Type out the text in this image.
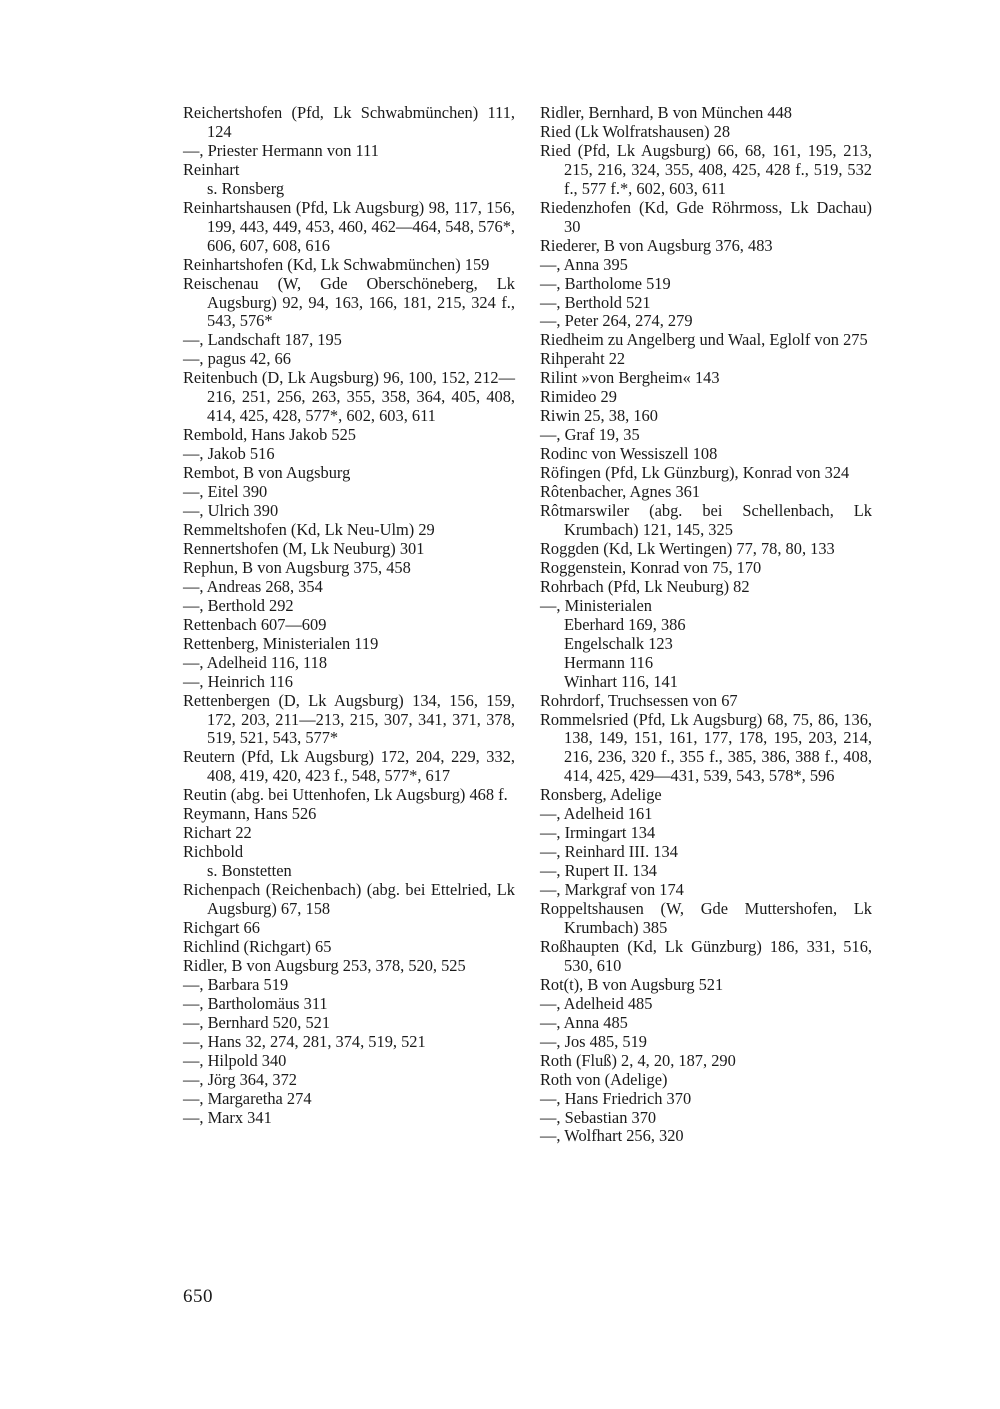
Reichertshofen (Pfd, Lk Schwabmünchen) 111, 124
—, Priester Hermann von 111
Reinhart
s. Ronsberg
Reinhartshausen (Pfd, Lk Augsburg) 98, 117, 156, 199, 443, 449, 453, 460, 462—464, 548, 576*, 606, 607, 608, 616
Reinhartshofen (Kd, Lk Schwabmünchen) 159
Reischenau (W, Gde Oberschöneberg, Lk Augsburg) 92, 94, 163, 166, 181, 215, 324 f., 543, 576*
—, Landschaft 187, 195
—, pagus 42, 66
Reitenbuch (D, Lk Augsburg) 96, 100, 152, 212—216, 251, 256, 263, 355, 358, 364, 405, 408, 414, 425, 428, 577*, 602, 603, 611
Rembold, Hans Jakob 525
—, Jakob 516
Rembot, B von Augsburg
—, Eitel 390
—, Ulrich 390
Remmeltshofen (Kd, Lk Neu-Ulm) 29
Rennertshofen (M, Lk Neuburg) 301
Rephun, B von Augsburg 375, 458
—, Andreas 268, 354
—, Berthold 292
Rettenbach 607—609
Rettenberg, Ministerialen 119
—, Adelheid 116, 118
—, Heinrich 116
Rettenbergen (D, Lk Augsburg) 134, 156, 159, 172, 203, 211—213, 215, 307, 341, 371, 378, 519, 521, 543, 577*
Reutern (Pfd, Lk Augsburg) 172, 204, 229, 332, 408, 419, 420, 423 f., 548, 577*, 617
Reutin (abg. bei Uttenhofen, Lk Augsburg) 468 f.
Reymann, Hans 526
Richart 22
Richbold
s. Bonstetten
Richenpach (Reichenbach) (abg. bei Ettelried, Lk Augsburg) 67, 158
Richgart 66
Richlind (Richgart) 65
Ridler, B von Augsburg 253, 378, 520, 525
—, Barbara 519
—, Bartholomäus 311
—, Bernhard 520, 521
—, Hans 32, 274, 281, 374, 519, 521
—, Hilpold 340
—, Jörg 364, 372
—, Margaretha 274
—, Marx 341
Ridler, Bernhard, B von München 448
Ried (Lk Wolfratshausen) 28
Ried (Pfd, Lk Augsburg) 66, 68, 161, 195, 213, 215, 216, 324, 355, 408, 425, 428 f., 519, 532 f., 577 f.*, 602, 603, 611
Riedenzhofen (Kd, Gde Röhrmoss, Lk Dachau) 30
Riederer, B von Augsburg 376, 483
—, Anna 395
—, Bartholome 519
—, Berthold 521
—, Peter 264, 274, 279
Riedheim zu Angelberg und Waal, Eglolf von 275
Rihperaht 22
Rilint »von Bergheim« 143
Rimideo 29
Riwin 25, 38, 160
—, Graf 19, 35
Rodinc von Wessiszell 108
Röfingen (Pfd, Lk Günzburg), Konrad von 324
Rôtenbacher, Agnes 361
Rôtmarswiler (abg. bei Schellenbach, Lk Krumbach) 121, 145, 325
Roggden (Kd, Lk Wertingen) 77, 78, 80, 133
Roggenstein, Konrad von 75, 170
Rohrbach (Pfd, Lk Neuburg) 82
—, Ministerialen
Eberhard 169, 386
Engelschalk 123
Hermann 116
Winhart 116, 141
Rohrdorf, Truchsessen von 67
Rommelsried (Pfd, Lk Augsburg) 68, 75, 86, 136, 138, 149, 151, 161, 177, 178, 195, 203, 214, 216, 236, 320 f., 355 f., 385, 386, 388 f., 408, 414, 425, 429—431, 539, 543, 578*, 596
Ronsberg, Adelige
—, Adelheid 161
—, Irmingart 134
—, Reinhard III. 134
—, Rupert II. 134
—, Markgraf von 174
Roppeltshausen (W, Gde Muttershofen, Lk Krumbach) 385
Roßhaupten (Kd, Lk Günzburg) 186, 331, 516, 530, 610
Rot(t), B von Augsburg 521
—, Adelheid 485
—, Anna 485
—, Jos 485, 519
Roth (Fluß) 2, 4, 20, 187, 290
Roth von (Adelige)
—, Hans Friedrich 370
—, Sebastian 370
—, Wolfhart 256, 320
650
